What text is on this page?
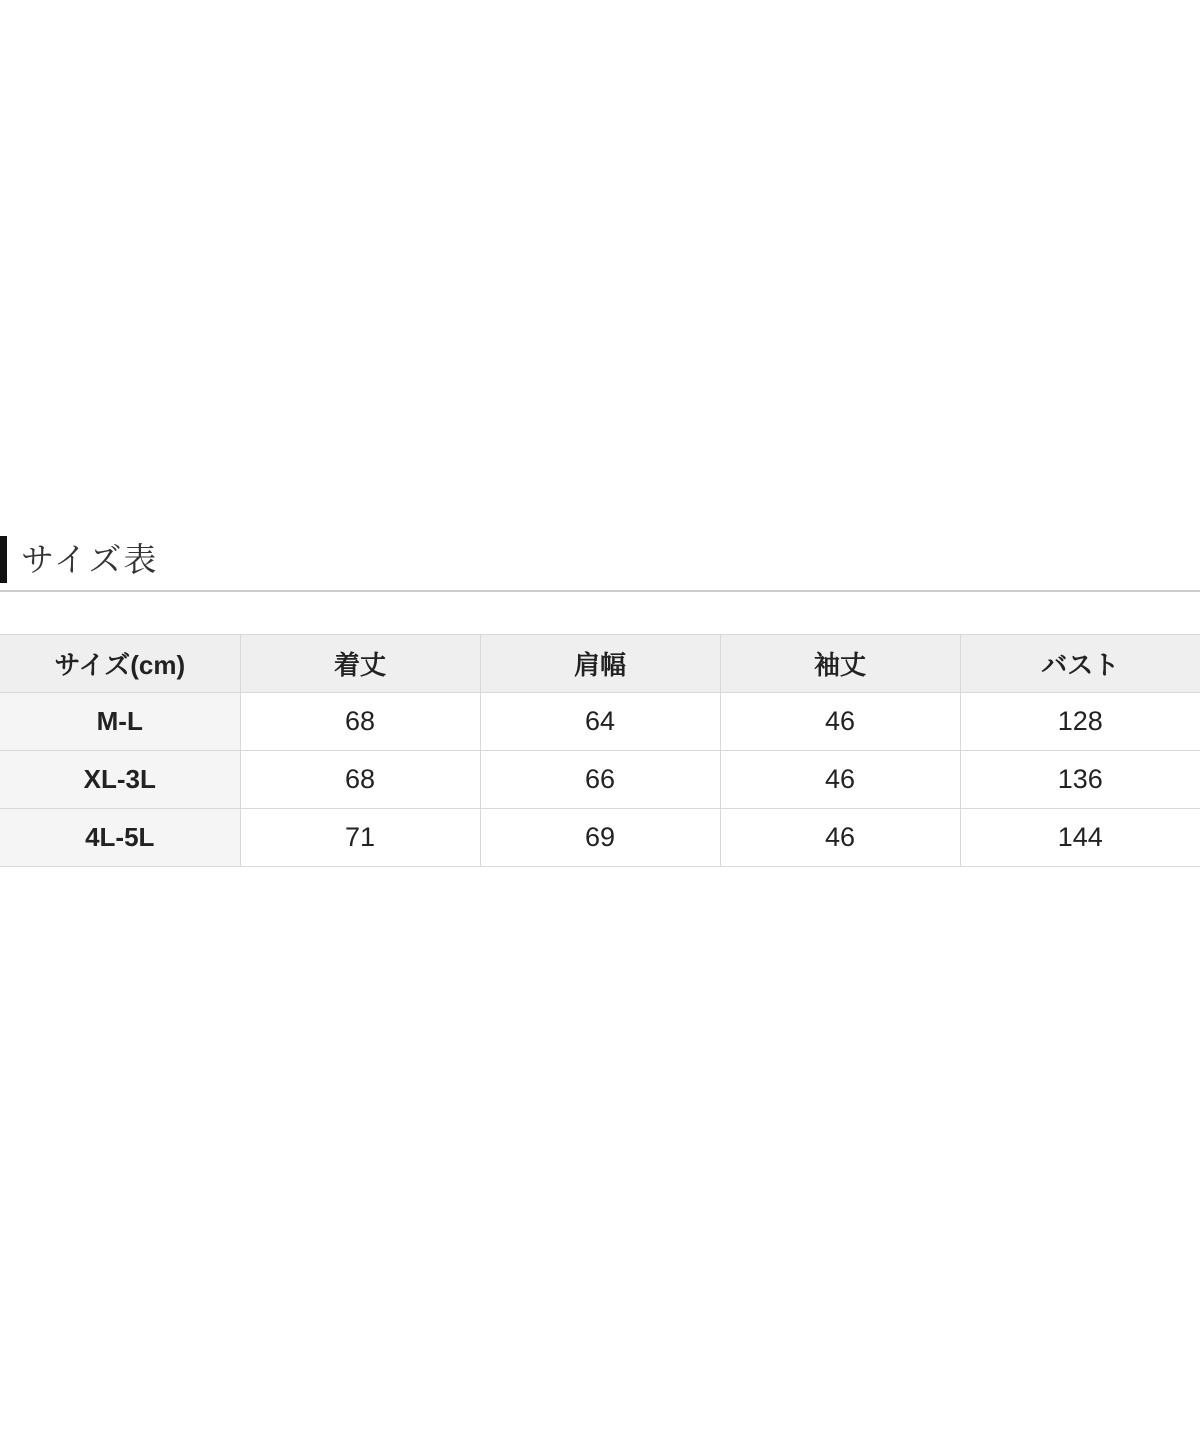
サイズ表
サイズ(cm)	着丈	肩幅	袖丈	バスト
M-L	68	64	46	128
XL-3L	68	66	46	136
4L-5L	71	69	46	144
